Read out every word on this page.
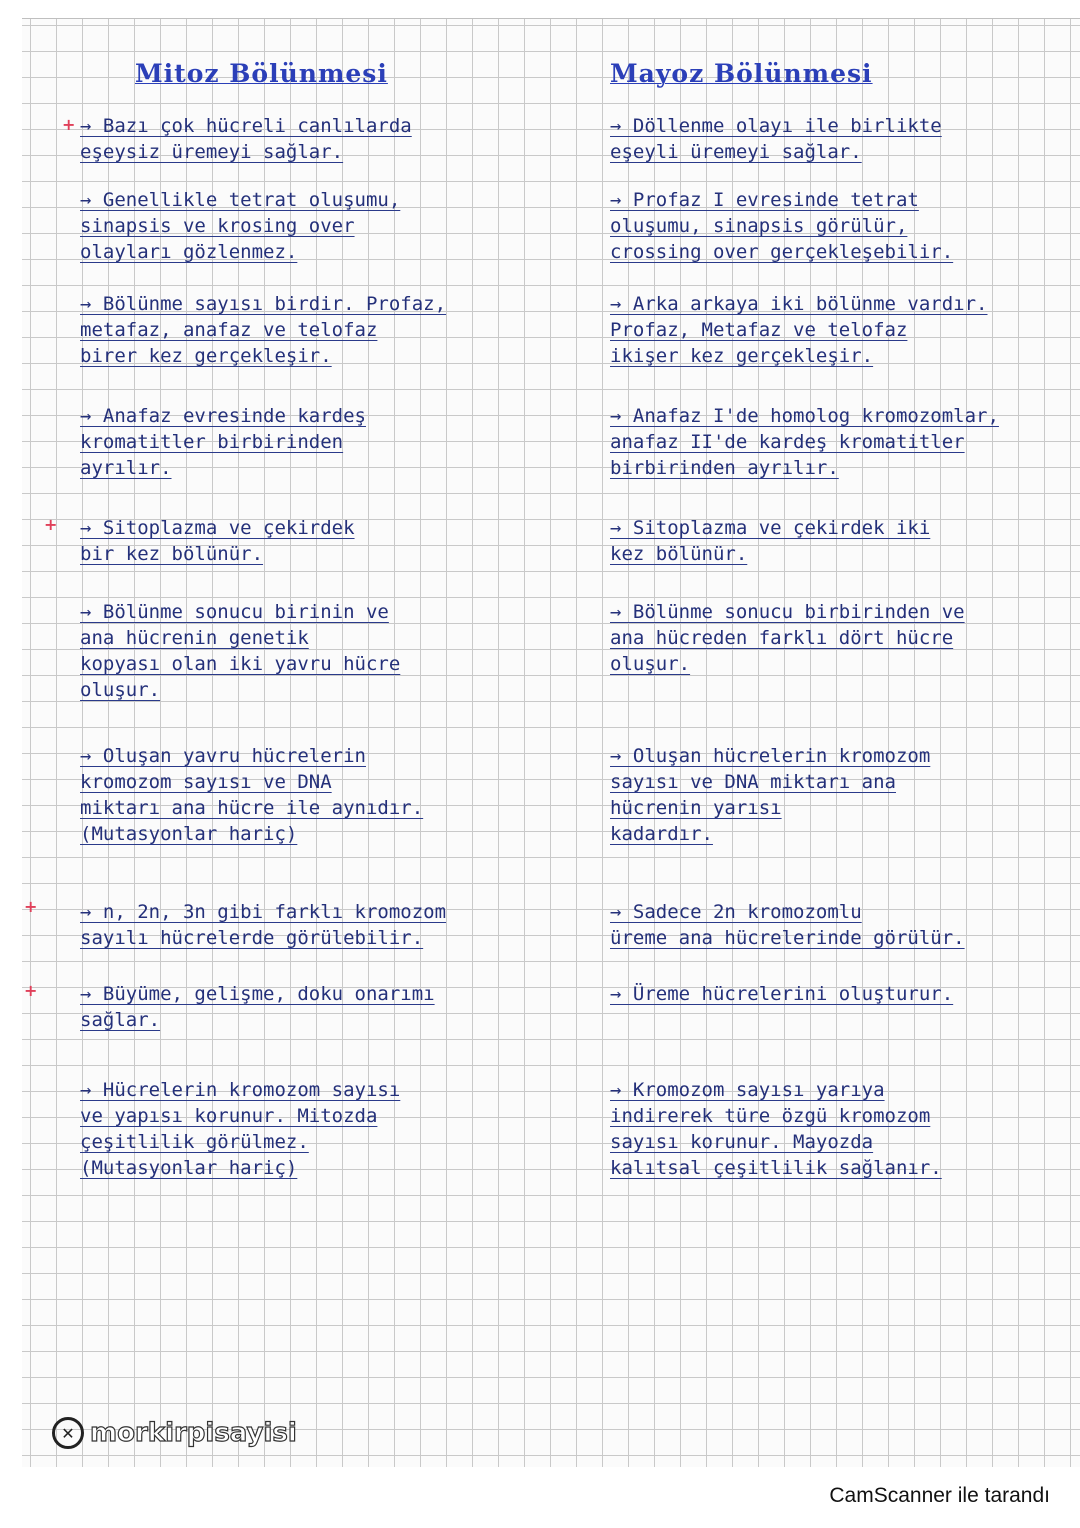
Mitoz Bölünmesi
→ Bazı çok hücreli canlılarda
eşeysiz üremeyi sağlar.
→ Genellikle tetrat oluşumu,
sinapsis ve krosing over
olayları gözlenmez.
→ Bölünme sayısı birdir. Profaz,
metafaz, anafaz ve telofaz
birer kez gerçekleşir.
→ Anafaz evresinde kardeş
kromatitler birbirinden
ayrılır.
→ Sitoplazma ve çekirdek
bir kez bölünür.
→ Bölünme sonucu birinin ve
ana hücrenin genetik
kopyası olan iki yavru hücre
oluşur.
→ Oluşan yavru hücrelerin
kromozom sayısı ve DNA
miktarı ana hücre ile aynıdır.
(Mutasyonlar hariç)
→ n, 2n, 3n gibi farklı kromozom
sayılı hücrelerde görülebilir.
→ Büyüme, gelişme, doku onarımı
sağlar.
→ Hücrelerin kromozom sayısı
ve yapısı korunur. Mitozda
çeşitlilik görülmez.
(Mutasyonlar hariç)
Mayoz Bölünmesi
→ Döllenme olayı ile birlikte
eşeyli üremeyi sağlar.
→ Profaz I evresinde tetrat
oluşumu, sinapsis görülür,
crossing over gerçekleşebilir.
→ Arka arkaya iki bölünme vardır.
Profaz, Metafaz ve telofaz
ikişer kez gerçekleşir.
→ Anafaz I'de homolog kromozomlar,
anafaz II'de kardeş kromatitler
birbirinden ayrılır.
→ Sitoplazma ve çekirdek iki
kez bölünür.
→ Bölünme sonucu birbirinden ve
ana hücreden farklı dört hücre
oluşur.
→ Oluşan hücrelerin kromozom
sayısı ve DNA miktarı ana
hücrenin yarısı
kadardır.
→ Sadece 2n kromozomlu
üreme ana hücrelerinde görülür.
→ Üreme hücrelerini oluşturur.
→ Kromozom sayısı yarıya
indirerek türe özgü kromozom
sayısı korunur. Mayozda
kalıtsal çeşitlilik sağlanır.
+
+
+
+
✕ morkirpisayisi
CamScanner ile tarandı
